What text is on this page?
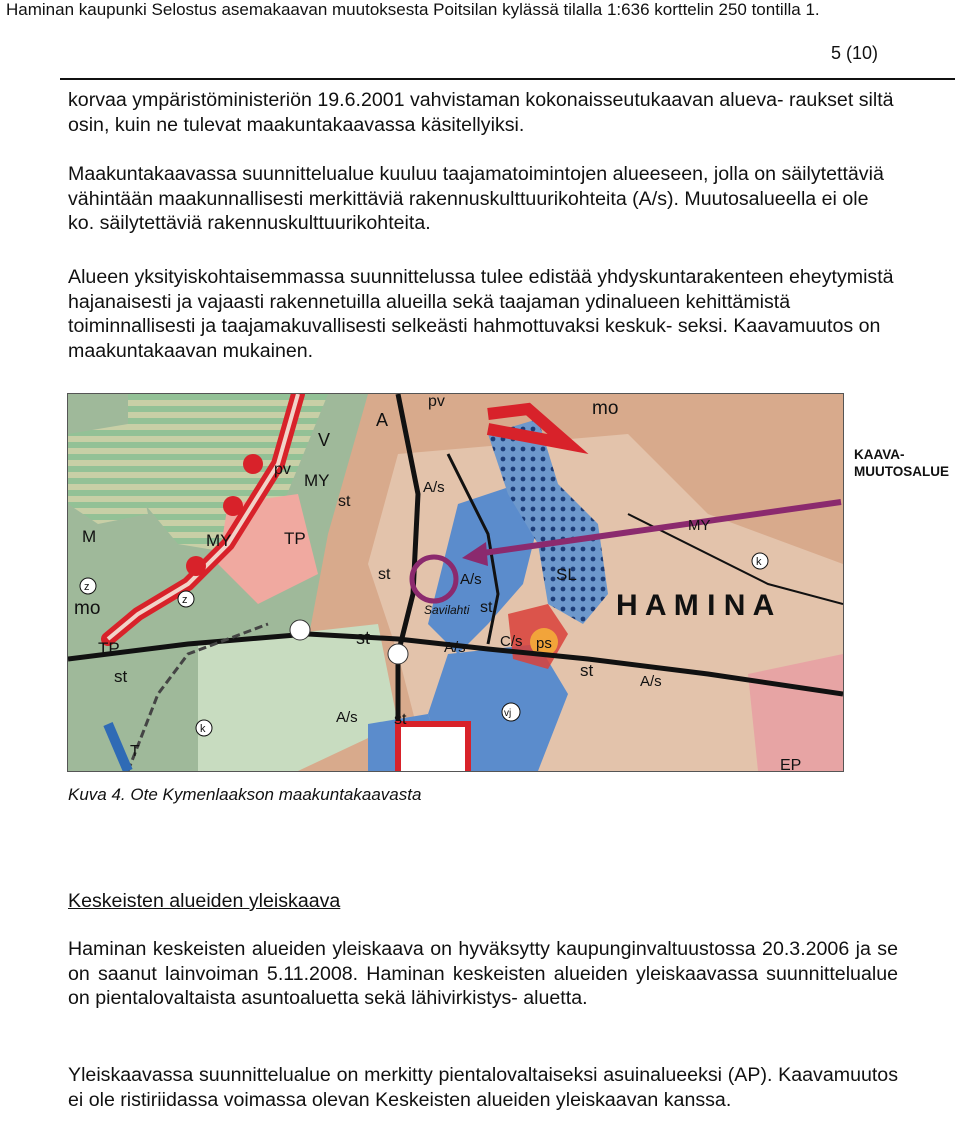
Haminan kaupunki Selostus asemakaavan muutoksesta Poitsilan kylässä tilalla 1:636 korttelin 250 tontilla 1.
5 (10)

korvaa ympäristöministeriön 19.6.2001 vahvistaman kokonaisseutukaavan alueva- raukset siltä osin, kuin ne tulevat maakuntakaavassa käsitellyiksi.

Maakuntakaavassa suunnittelualue kuuluu taajamatoimintojen alueeseen, jolla on säilytettäviä vähintään maakunnallisesti merkittäviä rakennuskulttuurikohteita (A/s). Muutosalueella ei ole ko. säilytettäviä rakennuskulttuurikohteita.

Alueen yksityiskohtaisemmassa suunnittelussa tulee edistää yhdyskuntarakenteen eheytymistä hajanaisesti ja vajaasti rakennetuilla alueilla sekä taajaman ydinalueen kehittämistä toiminnallisesti ja taajamakuvallisesti selkeästi hahmottuvaksi keskuk- seksi. Kaavamuutos on maakuntakaavan mukainen.

H A M I N A
mo
mo
A
pv
V
pv
MY
MY
MY
M	TP
TP
st
st
st
st
st
st
st
A/s
A/s
A/s
A/s
A/s
SL
C/s ps
EP
T
Savilahti
z
z
k
k
vj
KAAVA-
MUUTOSALUE
Kuva 4. Ote Kymenlaakson maakuntakaavasta
Keskeisten alueiden yleiskaava

Haminan keskeisten alueiden yleiskaava on hyväksytty kaupunginvaltuustossa 20.3.2006 ja se on saanut lainvoiman 5.11.2008. Haminan keskeisten alueiden yleiskaavassa suunnittelualue on pientalovaltaista asuntoaluetta sekä lähivirkistys- aluetta.

Yleiskaavassa suunnittelualue on merkitty pientalovaltaiseksi asuinalueeksi (AP). Kaavamuutos ei ole ristiriidassa voimassa olevan Keskeisten alueiden yleiskaavan kanssa.
